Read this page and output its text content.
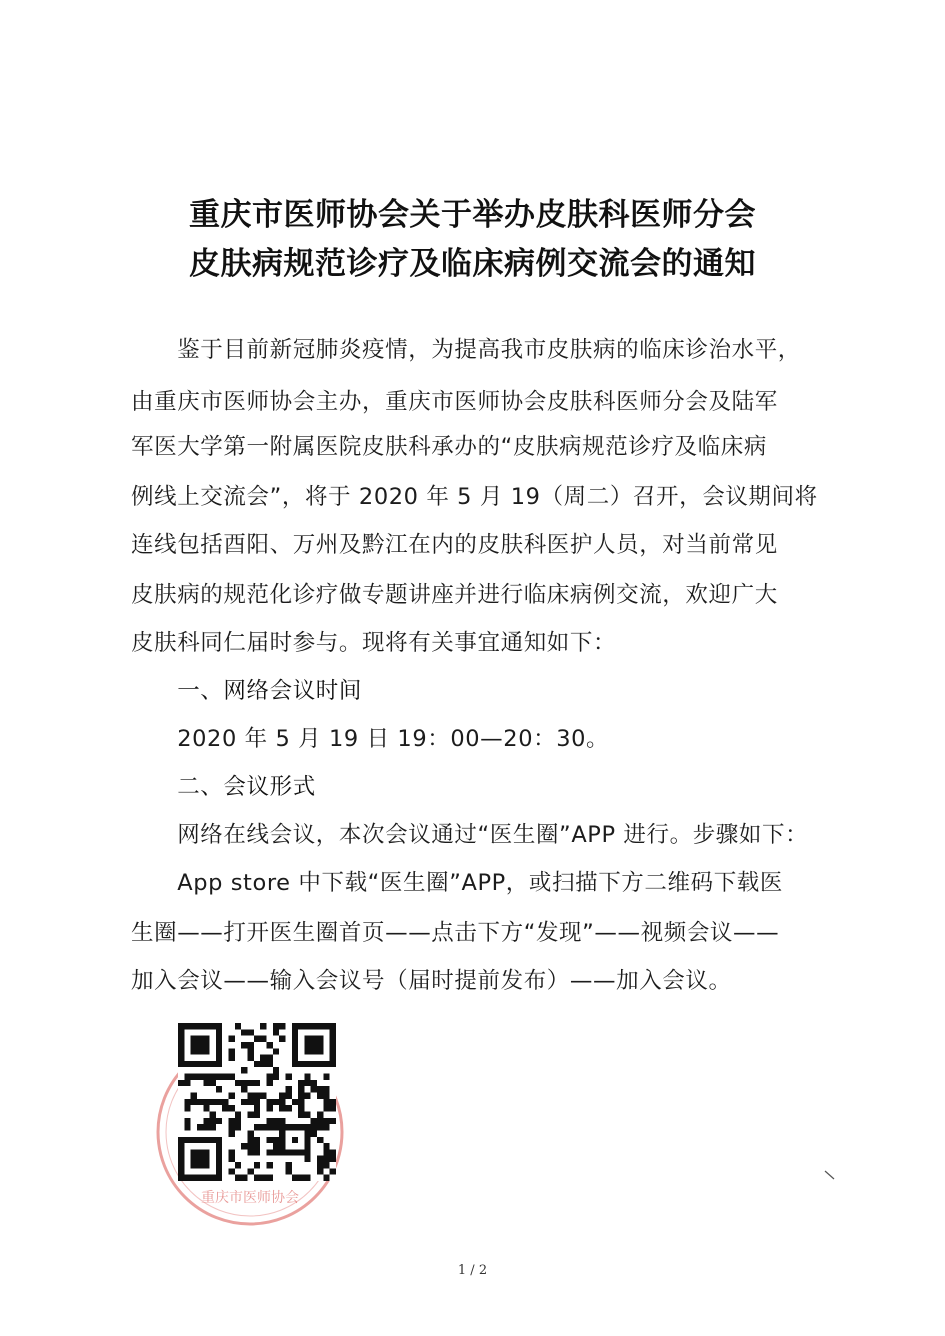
重庆市医师协会关于举办皮肤科医师分会
皮肤病规范诊疗及临床病例交流会的通知
　　鉴于目前新冠肺炎疫情，为提高我市皮肤病的临床诊治水平，
由重庆市医师协会主办，重庆市医师协会皮肤科医师分会及陆军
军医大学第一附属医院皮肤科承办的“皮肤病规范诊疗及临床病
例线上交流会”，将于 2020 年 5 月 19（周二）召开，会议期间将
连线包括酉阳、万州及黔江在内的皮肤科医护人员，对当前常见
皮肤病的规范化诊疗做专题讲座并进行临床病例交流，欢迎广大
皮肤科同仁届时参与。现将有关事宜通知如下：
　　一、网络会议时间
　　2020 年 5 月 19 日 19：00—20：30。
　　二、会议形式
　　网络在线会议，本次会议通过“医生圈”APP 进行。步骤如下：
　　App store 中下载“医生圈”APP，或扫描下方二维码下载医
生圈——打开医生圈首页——点击下方“发现”——视频会议——
加入会议——输入会议号（届时提前发布）——加入会议。
重庆市医师协会
1 / 2
